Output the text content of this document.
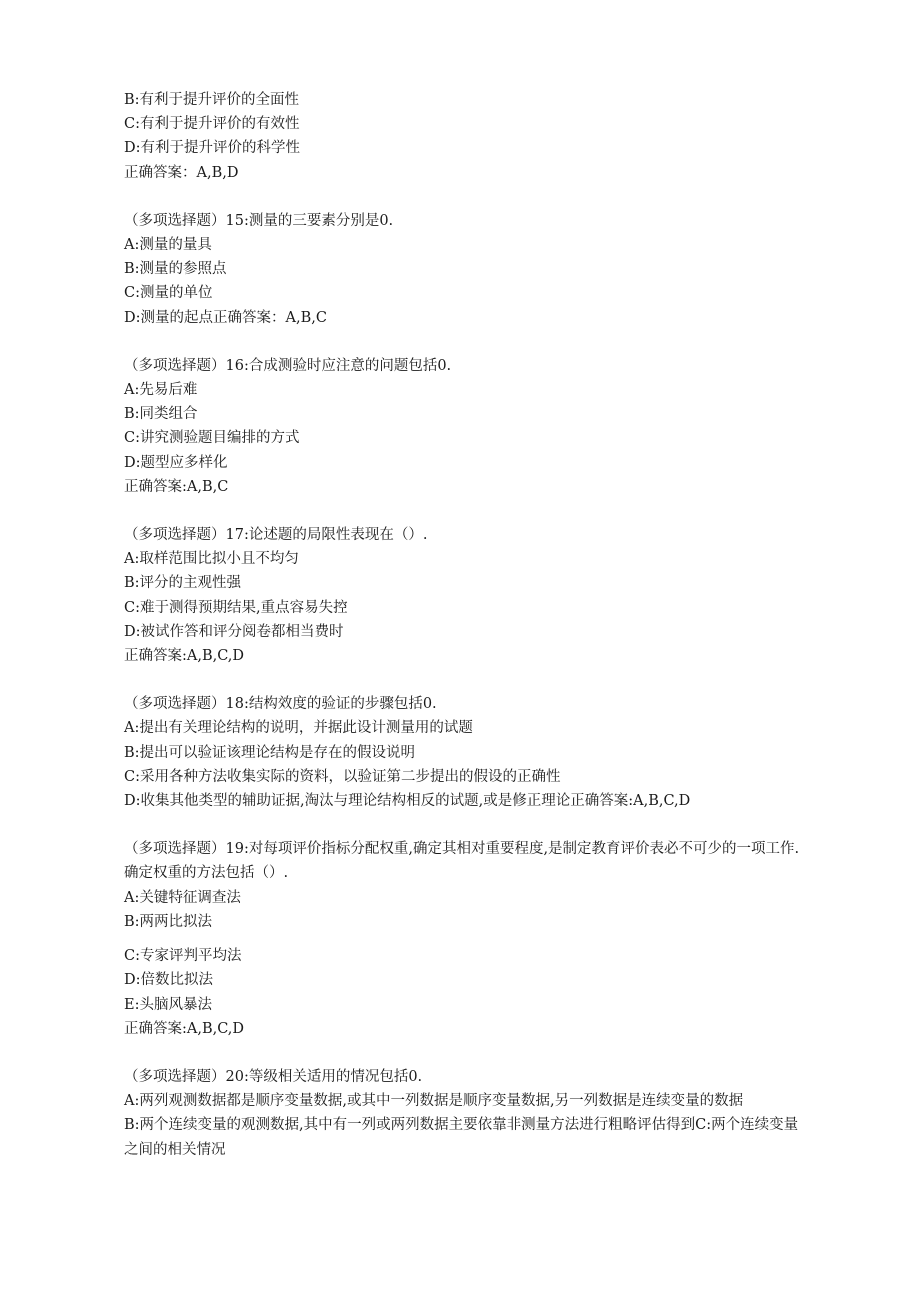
B:有利于提升评价的全面性
C:有利于提升评价的有效性
D:有利于提升评价的科学性
正确答案：A,B,D
（多项选择题）15:测量的三要素分别是0.
A:测量的量具
B:测量的参照点
C:测量的单位
D:测量的起点正确答案：A,B,C
（多项选择题）16:合成测验时应注意的问题包括0.
A:先易后难
B:同类组合
C:讲究测验题目编排的方式
D:题型应多样化
正确答案:A,B,C
（多项选择题）17:论述题的局限性表现在（）.
A:取样范围比拟小且不均匀
B:评分的主观性强
C:难于测得预期结果,重点容易失控
D:被试作答和评分阅卷都相当费时
正确答案:A,B,C,D
（多项选择题）18:结构效度的验证的步骤包括0.
A:提出有关理论结构的说明，并据此设计测量用的试题
B:提出可以验证该理论结构是存在的假设说明
C:采用各种方法收集实际的资料，以验证第二步提出的假设的正确性
D:收集其他类型的辅助证据,淘汰与理论结构相反的试题,或是修正理论正确答案:A,B,C,D
（多项选择题）19:对每项评价指标分配权重,确定其相对重要程度,是制定教育评价表必不可少的一项工作.确定权重的方法包括（）.
A:关键特征调查法
B:两两比拟法
C:专家评判平均法
D:倍数比拟法
E:头脑风暴法
正确答案:A,B,C,D
（多项选择题）20:等级相关适用的情况包括0.
A:两列观测数据都是顺序变量数据,或其中一列数据是顺序变量数据,另一列数据是连续变量的数据
B:两个连续变量的观测数据,其中有一列或两列数据主要依靠非测量方法进行粗略评估得到C:两个连续变量之间的相关情况
